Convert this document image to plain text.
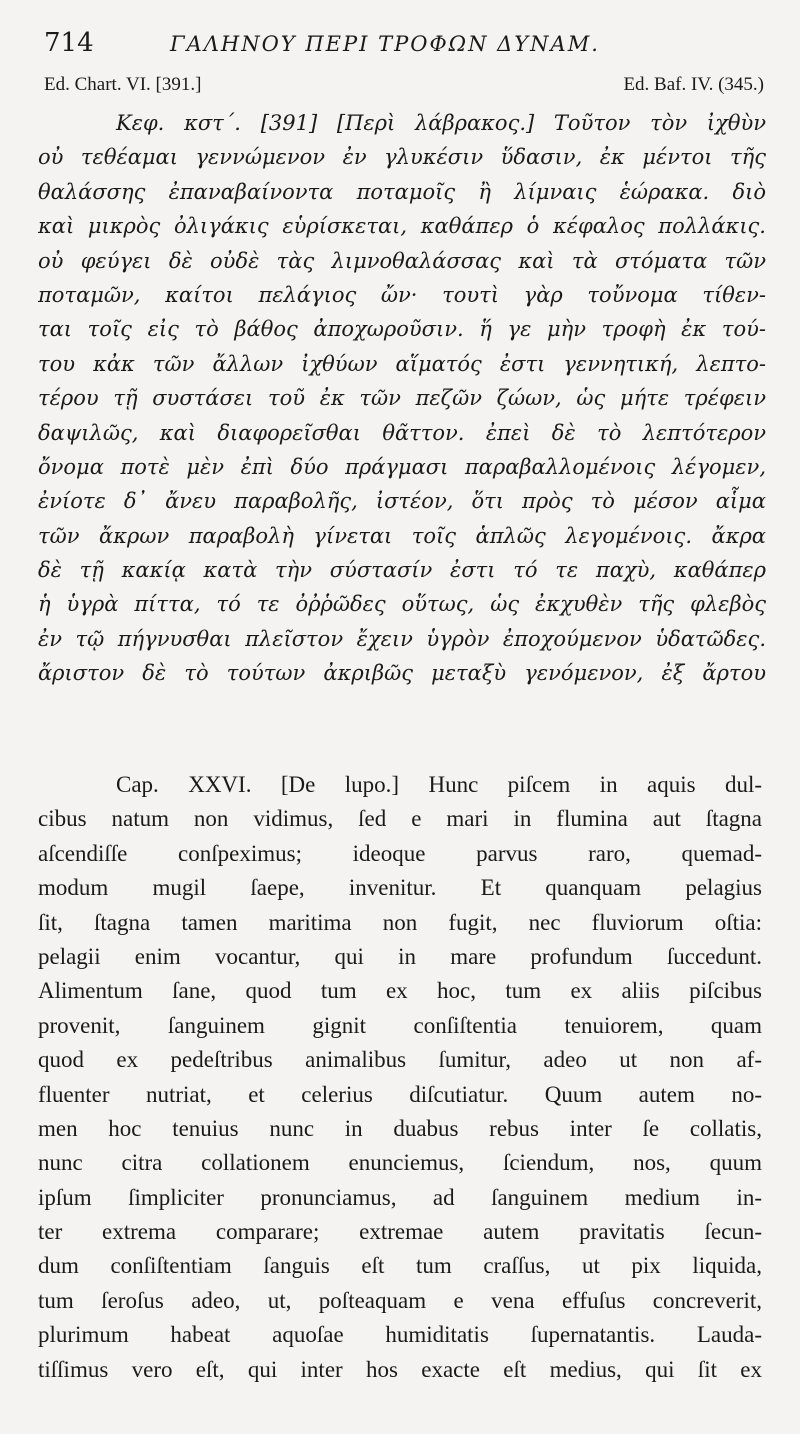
714	ΓΑΛΗΝΟΥ ΠΕΡΙ ΤΡΟΦΩΝ ΔΥΝΑΜ.
Ed. Chart. VI. [391.]	Ed. Baf. IV. (345.)
Κεφ. κστ΄. [391] [Περὶ λάβρακος.] Τοῦτον τὸν ἰχθὺν
οὐ τεθέαμαι γεννώμενον ἐν γλυκέσιν ὕδασιν, ἐκ μέντοι τῆς
θαλάσσης ἐπαναβαίνοντα ποταμοῖς ἢ λίμναις ἑώρακα. διὸ
καὶ μικρὸς ὀλιγάκις εὑρίσκεται, καθάπερ ὁ κέφαλος πολλάκις.
οὐ φεύγει δὲ οὐδὲ τὰς λιμνοθαλάσσας καὶ τὰ στόματα τῶν
ποταμῶν, καίτοι πελάγιος ὤν· τουτὶ γὰρ τοὔνομα τίθεν-
ται τοῖς εἰς τὸ βάθος ἀποχωροῦσιν. ἥ γε μὴν τροφὴ ἐκ τού-
του κἀκ τῶν ἄλλων ἰχθύων αἵματός ἐστι γεννητική, λεπτο-
τέρου τῇ συστάσει τοῦ ἐκ τῶν πεζῶν ζώων, ὡς μήτε τρέφειν
δαψιλῶς, καὶ διαφορεῖσθαι θᾶττον. ἐπεὶ δὲ τὸ λεπτότερον
ὄνομα ποτὲ μὲν ἐπὶ δύο πράγμασι παραβαλλομένοις λέγομεν,
ἐνίοτε δ᾽ ἄνευ παραβολῆς, ἰστέον, ὅτι πρὸς τὸ μέσον αἷμα
τῶν ἄκρων παραβολὴ γίνεται τοῖς ἁπλῶς λεγομένοις. ἄκρα
δὲ τῇ κακίᾳ κατὰ τὴν σύστασίν ἐστι τό τε παχὺ, καθάπερ
ἡ ὑγρὰ πίττα, τό τε ὀῤῥῶδες οὕτως, ὡς ἐκχυθὲν τῆς φλεβὸς
ἐν τῷ πήγνυσθαι πλεῖστον ἔχειν ὑγρὸν ἐποχούμενον ὑδατῶδες.
ἄριστον δὲ τὸ τούτων ἀκριβῶς μεταξὺ γενόμενον, ἐξ ἄρτου
Cap. XXVI. [De lupo.] Hunc piſcem in aquis dul-
cibus natum non vidimus, ſed e mari in flumina aut ſtagna
aſcendiſſe conſpeximus; ideoque parvus raro, quemad-
modum mugil ſaepe, invenitur. Et quanquam pelagius
ſit, ſtagna tamen maritima non fugit, nec fluviorum oſtia:
pelagii enim vocantur, qui in mare profundum ſuccedunt.
Alimentum ſane, quod tum ex hoc, tum ex aliis piſcibus
provenit, ſanguinem gignit conſiſtentia tenuiorem, quam
quod ex pedeſtribus animalibus ſumitur, adeo ut non af-
fluenter nutriat, et celerius diſcutiatur. Quum autem no-
men hoc tenuius nunc in duabus rebus inter ſe collatis,
nunc citra collationem enunciemus, ſciendum, nos, quum
ipſum ſimpliciter pronunciamus, ad ſanguinem medium in-
ter extrema comparare; extremae autem pravitatis ſecun-
dum conſiſtentiam ſanguis eſt tum craſſus, ut pix liquida,
tum ſeroſus adeo, ut, poſteaquam e vena effuſus concreverit,
plurimum habeat aquoſae humiditatis ſupernatantis. Lauda-
tiſſimus vero eſt, qui inter hos exacte eſt medius, qui ſit ex
